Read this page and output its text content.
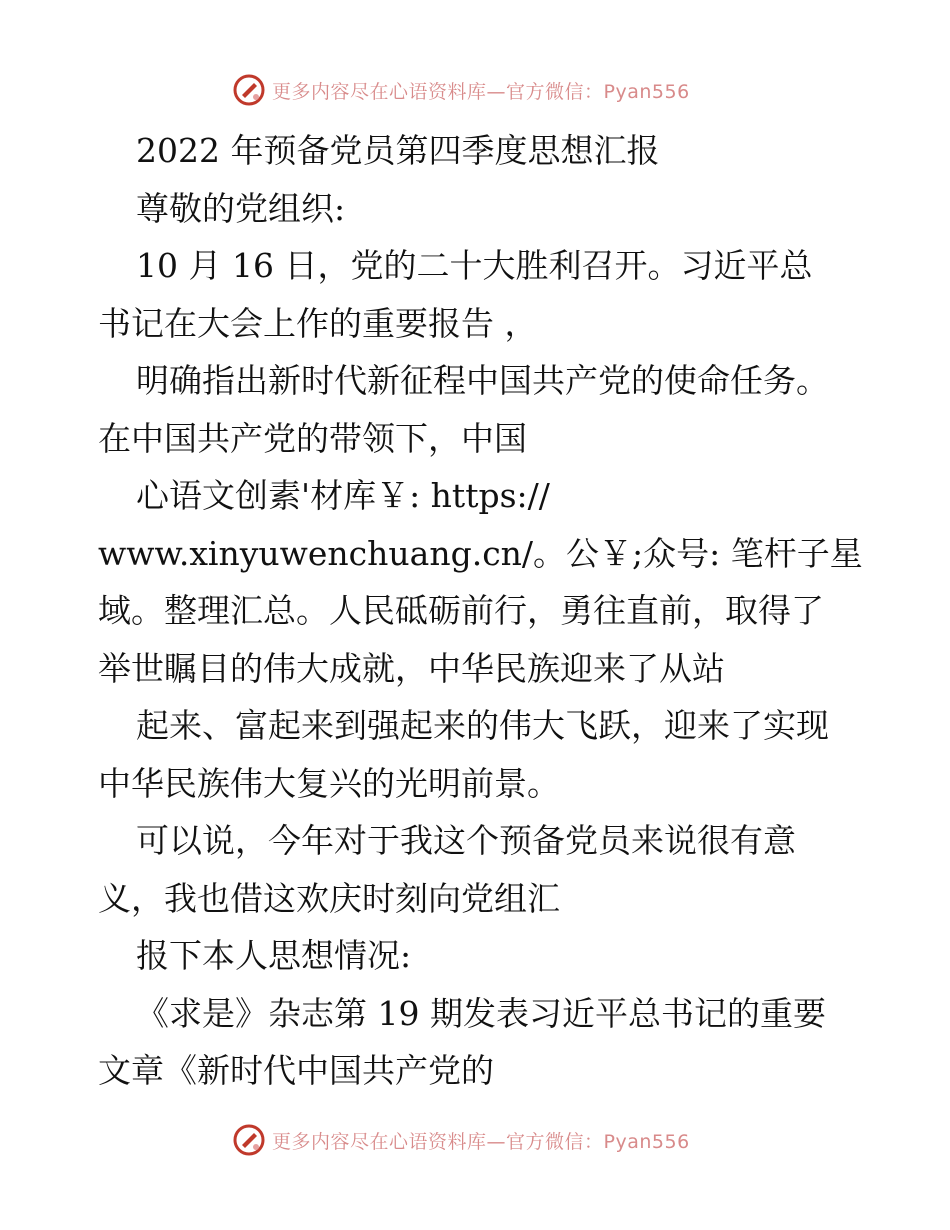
更多内容尽在心语资料库—官方微信：Pyan556

2022 年预备党员第四季度思想汇报

尊敬的党组织:

10 月 16 日，党的二十大胜利召开。习近平总

书记在大会上作的重要报告 ，

明确指出新时代新征程中国共产党的使命任务。

在中国共产党的带领下，中国

心语文创素'材库￥: https://

www.xinyuwenchuang.cn/。公￥;众号: 笔杆子星

域。整理汇总。人民砥砺前行，勇往直前，取得了

举世瞩目的伟大成就，中华民族迎来了从站

起来、富起来到强起来的伟大飞跃，迎来了实现

中华民族伟大复兴的光明前景。

可以说，今年对于我这个预备党员来说很有意

义，我也借这欢庆时刻向党组汇

报下本人思想情况:

《求是》杂志第 19 期发表习近平总书记的重要

文章《新时代中国共产党的

更多内容尽在心语资料库—官方微信：Pyan556
